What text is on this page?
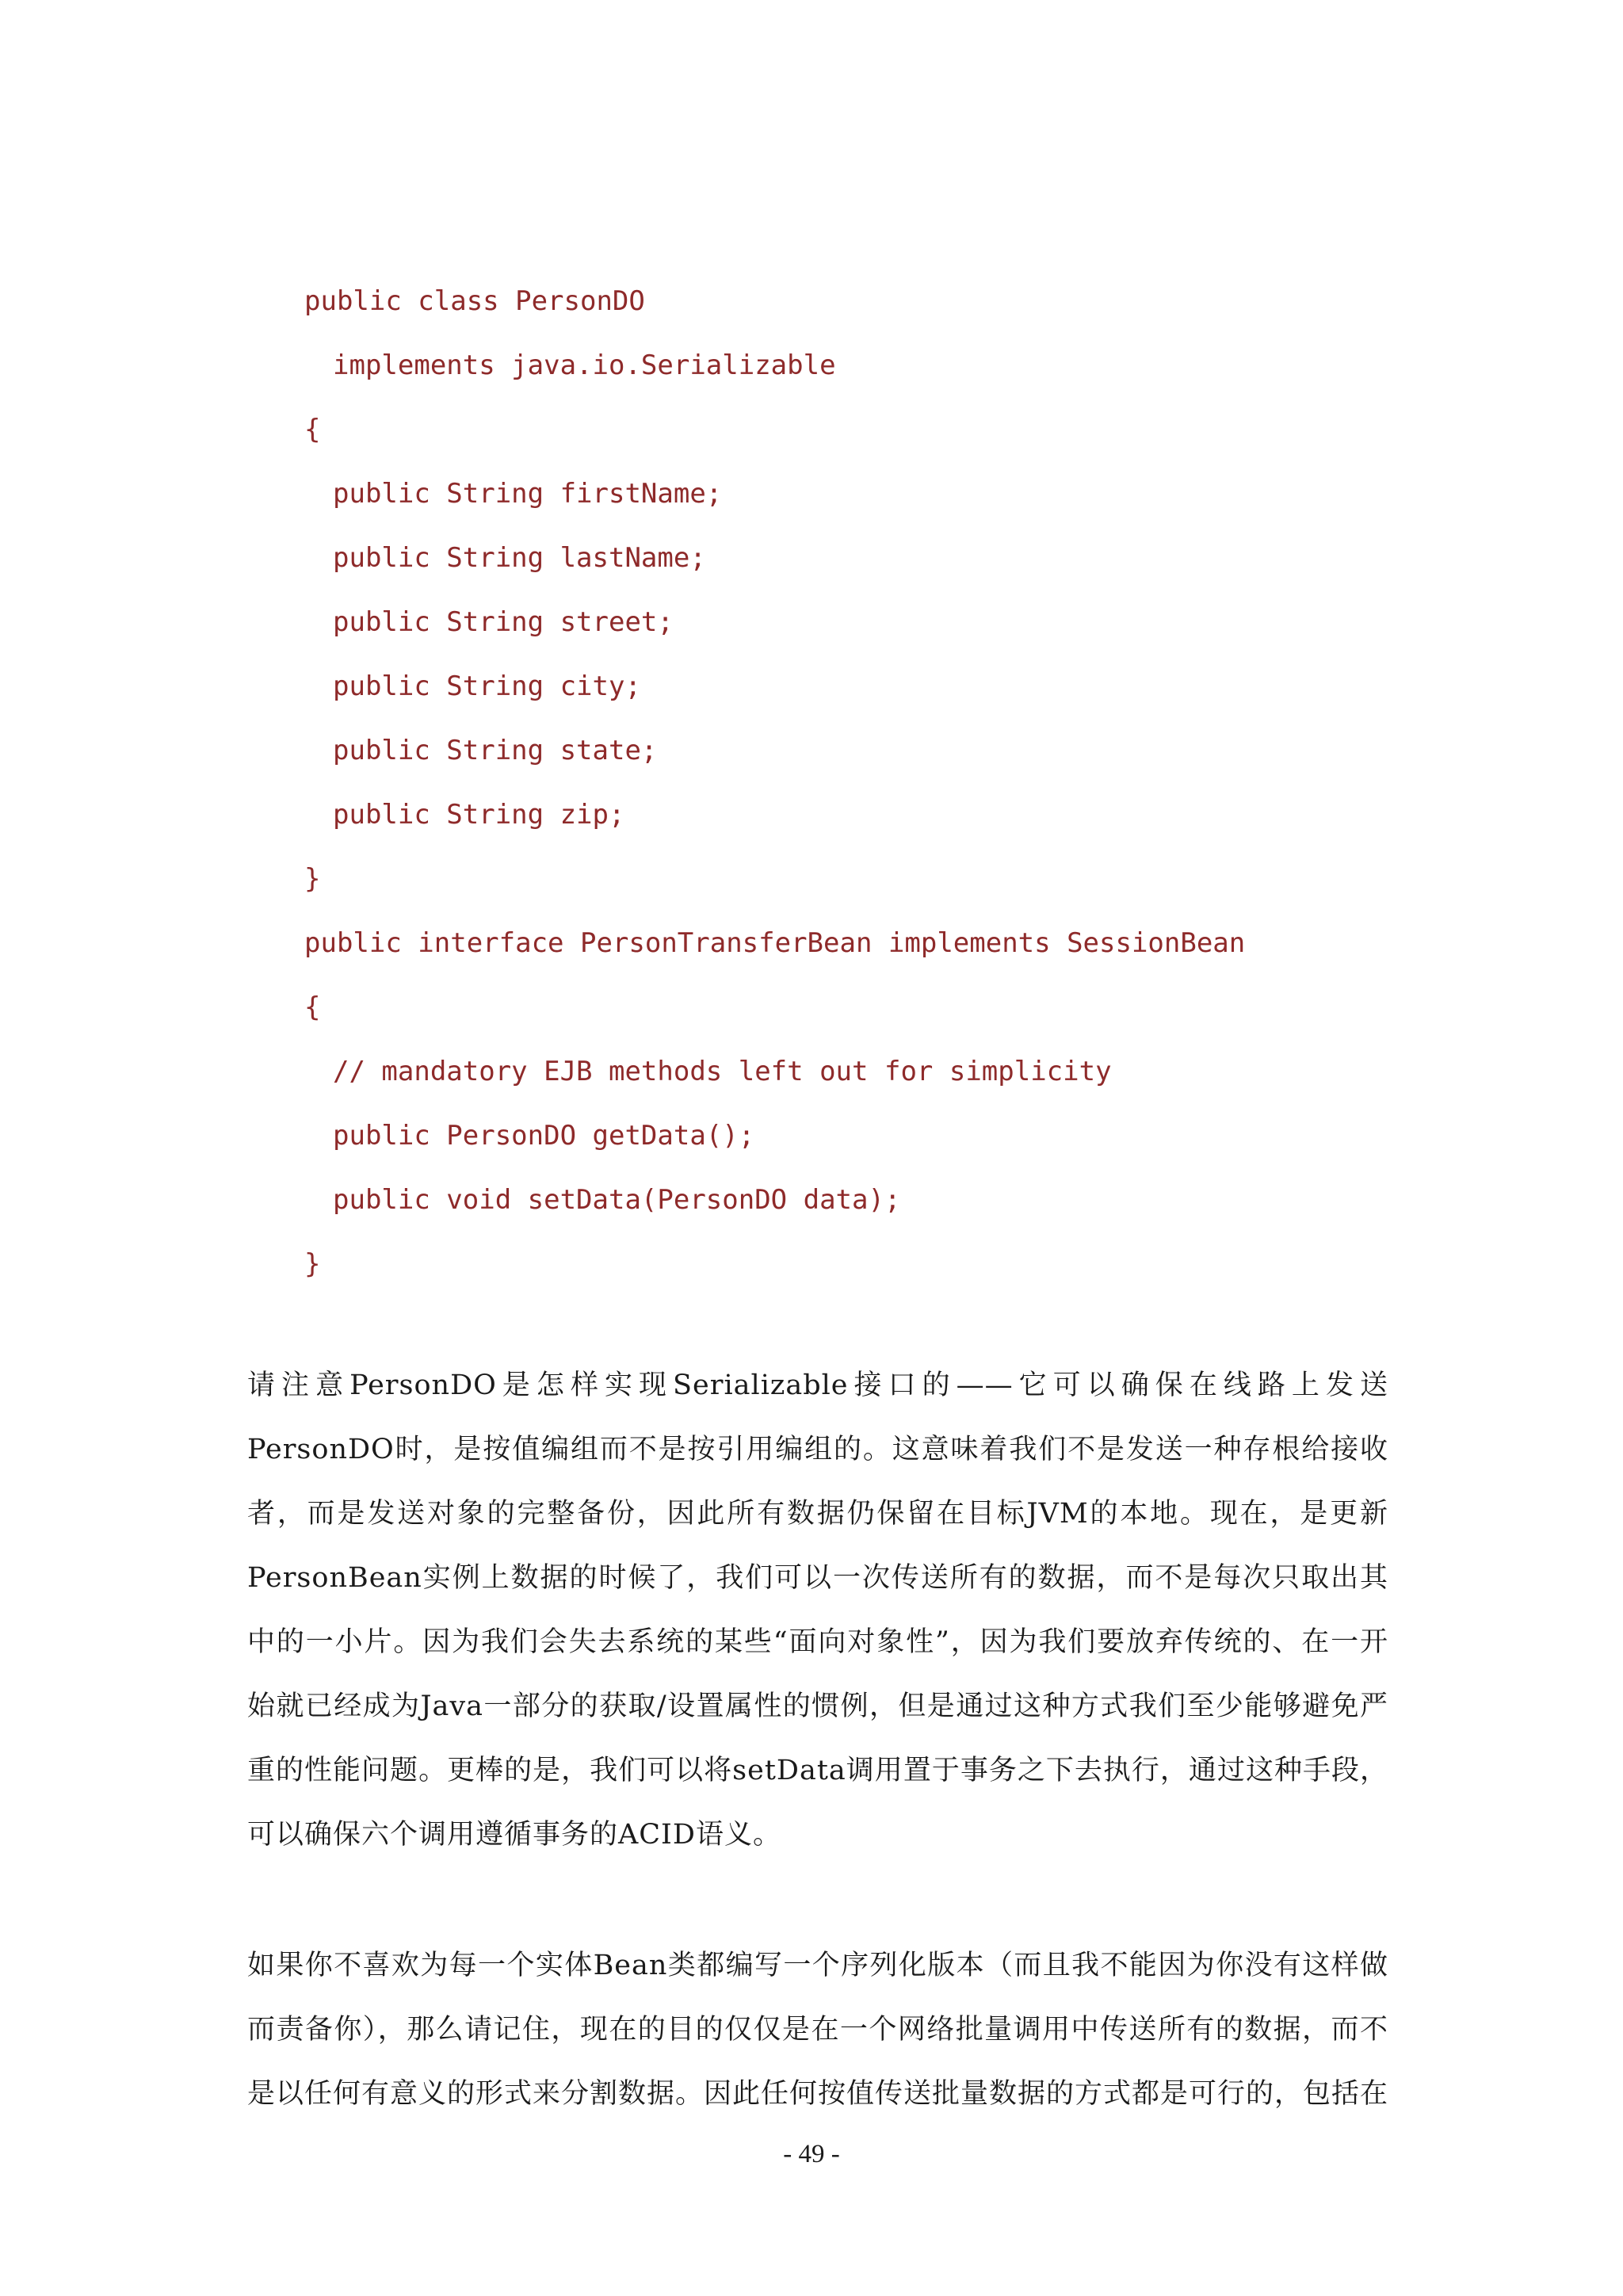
public class PersonDO
implements java.io.Serializable
{
public String firstName;
public String lastName;
public String street;
public String city;
public String state;
public String zip;
}
public interface PersonTransferBean implements SessionBean
{
// mandatory EJB methods left out for simplicity
public PersonDO getData();
public void setData(PersonDO data);
}
请注意PersonDO是怎样实现Serializable接口的——它可以确保在线路上发送PersonDO时，是按值编组而不是按引用编组的。这意味着我们不是发送一种存根给接收者，而是发送对象的完整备份，因此所有数据仍保留在目标JVM的本地。现在，是更新PersonBean实例上数据的时候了，我们可以一次传送所有的数据，而不是每次只取出其中的一小片。因为我们会失去系统的某些“面向对象性”，因为我们要放弃传统的、在一开始就已经成为Java一部分的获取/设置属性的惯例，但是通过这种方式我们至少能够避免严重的性能问题。更棒的是，我们可以将setData调用置于事务之下去执行，通过这种手段，可以确保六个调用遵循事务的ACID语义。
如果你不喜欢为每一个实体Bean类都编写一个序列化版本（而且我不能因为你没有这样做而责备你），那么请记住，现在的目的仅仅是在一个网络批量调用中传送所有的数据，而不是以任何有意义的形式来分割数据。因此任何按值传送批量数据的方式都是可行的，包括在
- 49 -
